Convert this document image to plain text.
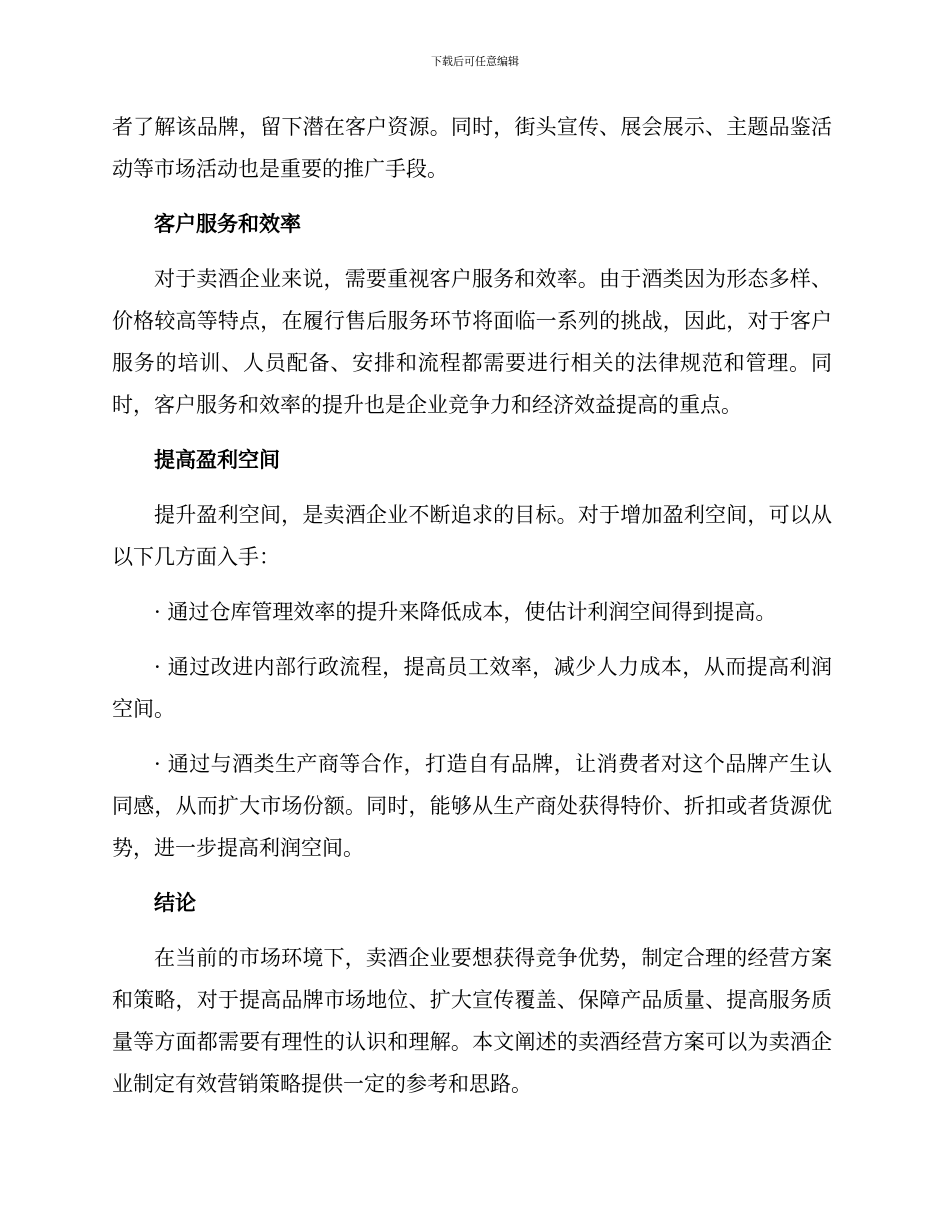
下载后可任意编辑

者了解该品牌，留下潜在客户资源。同时，街头宣传、展会展示、主题品鉴活动等市场活动也是重要的推广手段。

客户服务和效率

对于卖酒企业来说，需要重视客户服务和效率。由于酒类因为形态多样、价格较高等特点，在履行售后服务环节将面临一系列的挑战，因此，对于客户服务的培训、人员配备、安排和流程都需要进行相关的法律规范和管理。同时，客户服务和效率的提升也是企业竞争力和经济效益提高的重点。

提高盈利空间

提升盈利空间，是卖酒企业不断追求的目标。对于增加盈利空间，可以从以下几方面入手：

· 通过仓库管理效率的提升来降低成本，使估计利润空间得到提高。

· 通过改进内部行政流程，提高员工效率，减少人力成本，从而提高利润空间。

· 通过与酒类生产商等合作，打造自有品牌，让消费者对这个品牌产生认同感，从而扩大市场份额。同时，能够从生产商处获得特价、折扣或者货源优势，进一步提高利润空间。

结论

在当前的市场环境下，卖酒企业要想获得竞争优势，制定合理的经营方案和策略，对于提高品牌市场地位、扩大宣传覆盖、保障产品质量、提高服务质量等方面都需要有理性的认识和理解。本文阐述的卖酒经营方案可以为卖酒企业制定有效营销策略提供一定的参考和思路。
